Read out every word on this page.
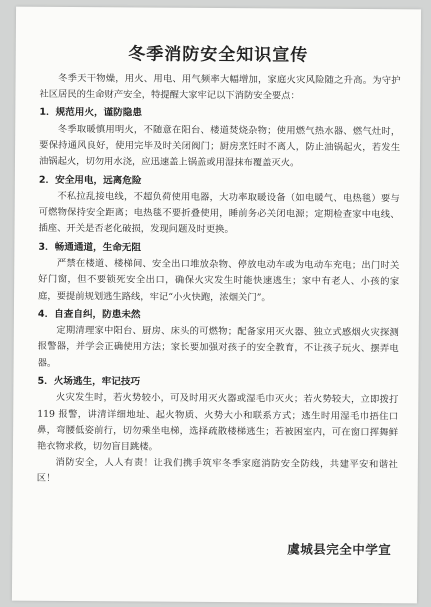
冬季消防安全知识宣传

冬季天干物燥，用火、用电、用气频率大幅增加，家庭火灾风险随之升高。为守护社区居民的生命财产安全，特提醒大家牢记以下消防安全要点：

1．规范用火，谨防隐患

冬季取暖慎用明火，不随意在阳台、楼道焚烧杂物；使用燃气热水器、燃气灶时，要保持通风良好，使用完毕及时关闭阀门；厨房烹饪时不离人，防止油锅起火，若发生油锅起火，切勿用水浇，应迅速盖上锅盖或用湿抹布覆盖灭火。

2．安全用电，远离危险

不私拉乱接电线，不超负荷使用电器，大功率取暖设备（如电暖气、电热毯）要与可燃物保持安全距离；电热毯不要折叠使用，睡前务必关闭电源；定期检查家中电线、插座、开关是否老化破损，发现问题及时更换。

3．畅通通道，生命无阻

严禁在楼道、楼梯间、安全出口堆放杂物、停放电动车或为电动车充电；出门时关好门窗，但不要锁死安全出口，确保火灾发生时能快速逃生；家中有老人、小孩的家庭，要提前规划逃生路线，牢记“小火快跑，浓烟关门”。

4．自查自纠，防患未然

定期清理家中阳台、厨房、床头的可燃物；配备家用灭火器、独立式感烟火灾探测报警器，并学会正确使用方法；家长要加强对孩子的安全教育，不让孩子玩火、摆弄电器。

5．火场逃生，牢记技巧

火灾发生时，若火势较小，可及时用灭火器或湿毛巾灭火；若火势较大，立即拨打 119 报警，讲清详细地址、起火物质、火势大小和联系方式；逃生时用湿毛巾捂住口鼻，弯腰低姿前行，切勿乘坐电梯，选择疏散楼梯逃生；若被困室内，可在窗口挥舞鲜艳衣物求救，切勿盲目跳楼。

消防安全，人人有责！让我们携手筑牢冬季家庭消防安全防线，共建平安和谐社区！

虞城县完全中学宣
